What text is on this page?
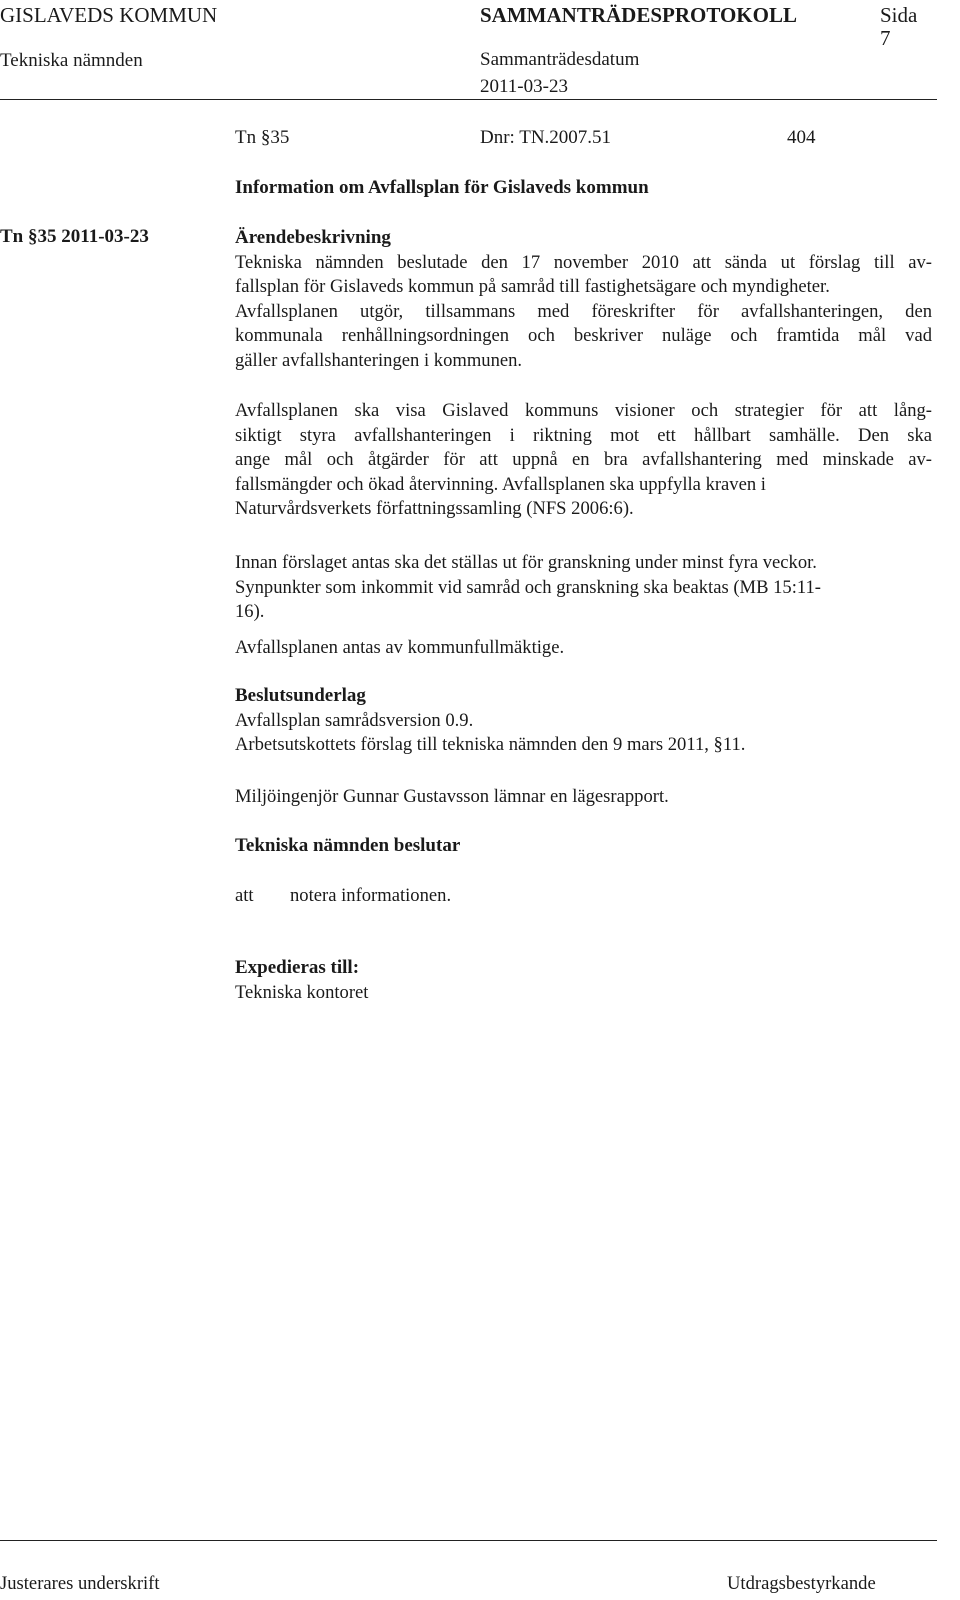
GISLAVEDS KOMMUN	SAMMANTRÄDESPROTOKOLL	Sida
7
Tekniska nämnden	Sammanträdesdatum
2011-03-23
Tn §35	Dnr: TN.2007.51	404
Information om Avfallsplan för Gislaveds kommun
Tn §35 2011-03-23	Ärendebeskrivning

Tekniska nämnden beslutade den 17 november 2010 att sända ut förslag till av-

fallsplan för Gislaveds kommun på samråd till fastighetsägare och myndigheter.

Avfallsplanen utgör, tillsammans med föreskrifter för avfallshanteringen, den

kommunala renhållningsordningen och beskriver nuläge och framtida mål vad

gäller avfallshanteringen i kommunen.

Avfallsplanen ska visa Gislaved kommuns visioner och strategier för att lång-

siktigt styra avfallshanteringen i riktning mot ett hållbart samhälle. Den ska

ange mål och åtgärder för att uppnå en bra avfallshantering med minskade av-

fallsmängder och ökad återvinning. Avfallsplanen ska uppfylla kraven i

Naturvårdsverkets författningssamling (NFS 2006:6).

Innan förslaget antas ska det ställas ut för granskning under minst fyra veckor.

Synpunkter som inkommit vid samråd och granskning ska beaktas (MB 15:11-

16).

Avfallsplanen antas av kommunfullmäktige.

Beslutsunderlag

Avfallsplan samrådsversion 0.9.

Arbetsutskottets förslag till tekniska nämnden den 9 mars 2011, §11.

Miljöingenjör Gunnar Gustavsson lämnar en lägesrapport.

Tekniska nämnden beslutar

att notera informationen.

Expedieras till:

Tekniska kontoret

Justerares underskrift	Utdragsbestyrkande
